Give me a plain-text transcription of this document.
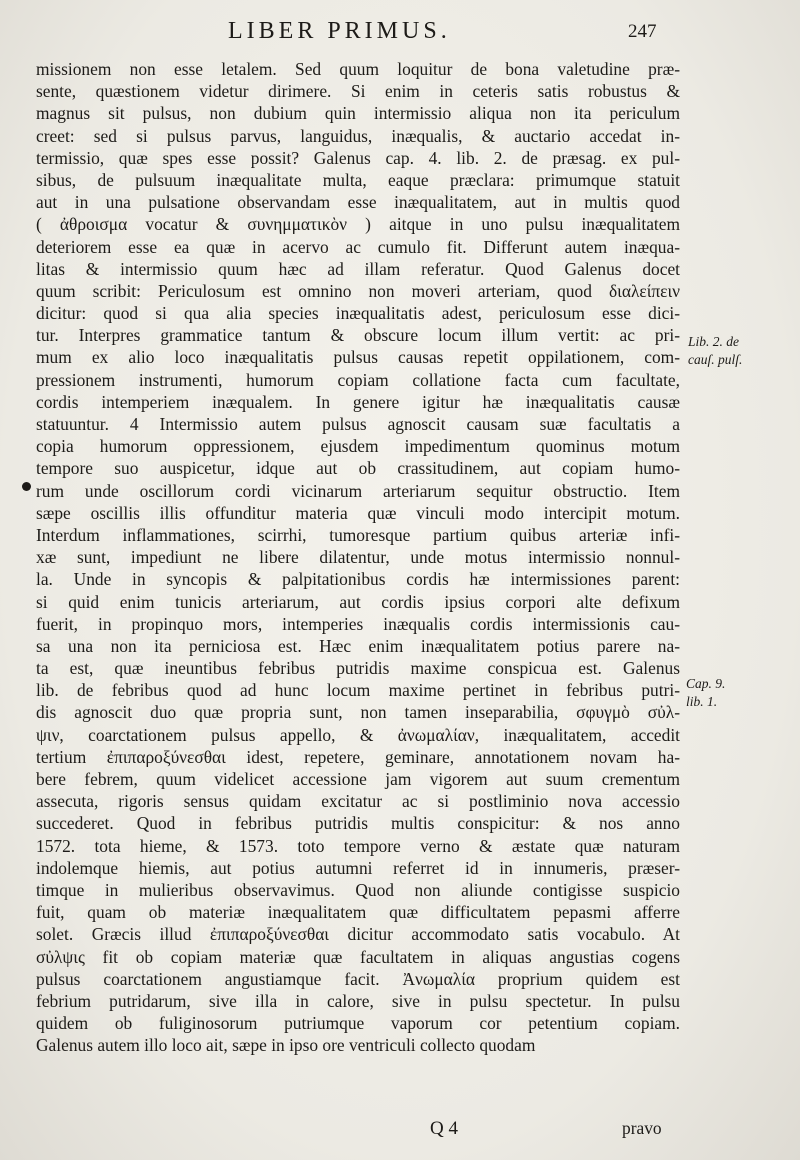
LIBER PRIMUS.	247
missionem non esse letalem. Sed quum loquitur de bona valetudine præ-
sente, quæstionem videtur dirimere. Si enim in ceteris satis robustus &
magnus sit pulsus, non dubium quin intermissio aliqua non ita periculum
creet: sed si pulsus parvus, languidus, inæqualis, & auctario accedat in-
termissio, quæ spes esse possit? Galenus cap. 4. lib. 2. de præsag. ex pul-
sibus, de pulsuum inæqualitate multa, eaque præclara: primumque statuit
aut in una pulsatione observandam esse inæqualitatem, aut in multis quod
( ἀθροισμα vocatur & συνημματικὸν ) aitque in uno pulsu inæqualitatem
deteriorem esse ea quæ in acervo ac cumulo fit. Differunt autem inæqua-
litas & intermissio quum hæc ad illam referatur. Quod Galenus docet
quum scribit: Periculosum est omnino non moveri arteriam, quod διαλείπειν
dicitur: quod si qua alia species inæqualitatis adest, periculosum esse dici-
tur. Interpres grammatice tantum & obscure locum illum vertit: ac pri-
mum ex alio loco inæqualitatis pulsus causas repetit oppilationem, com-
pressionem instrumenti, humorum copiam collatione facta cum facultate,
cordis intemperiem inæqualem. In genere igitur hæ inæqualitatis causæ
statuuntur. 4 Intermissio autem pulsus agnoscit causam suæ facultatis a
copia humorum oppressionem, ejusdem impedimentum quominus motum
tempore suo auspicetur, idque aut ob crassitudinem, aut copiam humo-
rum unde oscillorum cordi vicinarum arteriarum sequitur obstructio. Item
sæpe oscillis illis offunditur materia quæ vinculi modo intercipit motum.
Interdum inflammationes, scirrhi, tumoresque partium quibus arteriæ infi-
xæ sunt, impediunt ne libere dilatentur, unde motus intermissio nonnul-
la. Unde in syncopis & palpitationibus cordis hæ intermissiones parent:
si quid enim tunicis arteriarum, aut cordis ipsius corpori alte defixum
fuerit, in propinquo mors, intemperies inæqualis cordis intermissionis cau-
sa una non ita perniciosa est. Hæc enim inæqualitatem potius parere na-
ta est, quæ ineuntibus febribus putridis maxime conspicua est. Galenus
lib. de febribus quod ad hunc locum maxime pertinet in febribus putri-
dis agnoscit duo quæ propria sunt, non tamen inseparabilia, σφυγμὸ σὐλ-
ψιν, coarctationem pulsus appello, & ἀνωμαλίαν, inæqualitatem, accedit
tertium ἐπιπαροξύνεσθαι idest, repetere, geminare, annotationem novam ha-
bere febrem, quum videlicet accessione jam vigorem aut suum crementum
assecuta, rigoris sensus quidam excitatur ac si postliminio nova accessio
succederet. Quod in febribus putridis multis conspicitur: & nos anno
1572. tota hieme, & 1573. toto tempore verno & æstate quæ naturam
indolemque hiemis, aut potius autumni referret id in innumeris, præser-
timque in mulieribus observavimus. Quod non aliunde contigisse suspicio
fuit, quam ob materiæ inæqualitatem quæ difficultatem pepasmi afferre
solet. Græcis illud ἐπιπαροξύνεσθαι dicitur accommodato satis vocabulo. At
σὐλψις fit ob copiam materiæ quæ facultatem in aliquas angustias cogens
pulsus coarctationem angustiamque facit. Ἀνωμαλία proprium quidem est
febrium putridarum, sive illa in calore, sive in pulsu spectetur. In pulsu
quidem ob fuliginosorum putriumque vaporum cor petentium copiam.
Galenus autem illo loco ait, sæpe in ipso ore ventriculi collecto quodam
Lib. 2. de
cauſ. pulſ.
Cap. 9.
lib. 1.
Q 4	pravo
